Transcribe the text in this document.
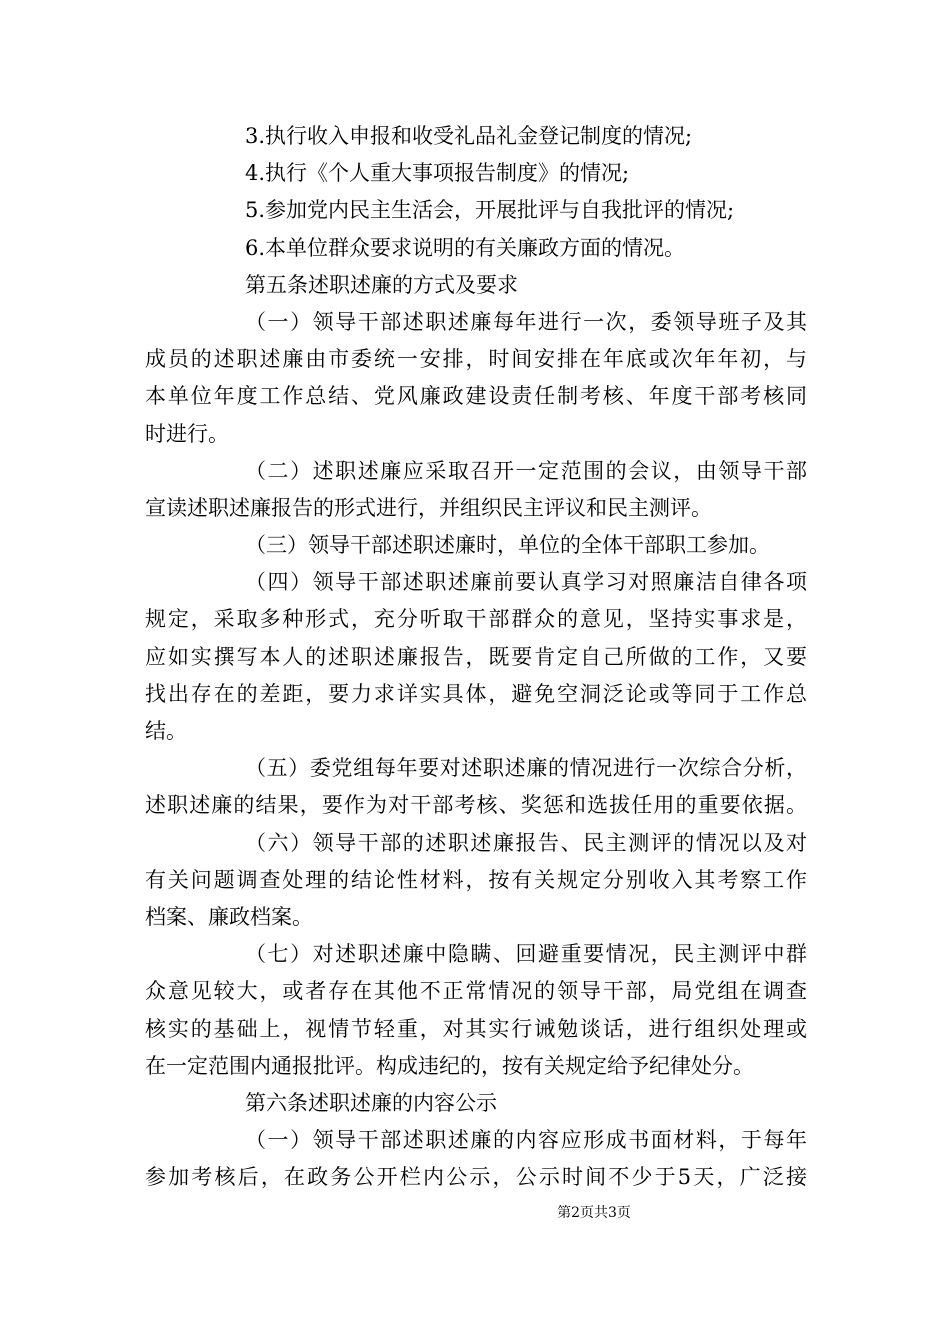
3.执行收入申报和收受礼品礼金登记制度的情况;
4.执行《个人重大事项报告制度》的情况;
5.参加党内民主生活会，开展批评与自我批评的情况;
6.本单位群众要求说明的有关廉政方面的情况。
第五条述职述廉的方式及要求
（一）领导干部述职述廉每年进行一次，委领导班子及其
成员的述职述廉由市委统一安排，时间安排在年底或次年年初，与
本单位年度工作总结、党风廉政建设责任制考核、年度干部考核同
时进行。
（二）述职述廉应采取召开一定范围的会议，由领导干部
宣读述职述廉报告的形式进行，并组织民主评议和民主测评。
（三）领导干部述职述廉时，单位的全体干部职工参加。
（四）领导干部述职述廉前要认真学习对照廉洁自律各项
规定，采取多种形式，充分听取干部群众的意见，坚持实事求是，
应如实撰写本人的述职述廉报告，既要肯定自己所做的工作，又要
找出存在的差距，要力求详实具体，避免空洞泛论或等同于工作总
结。
（五）委党组每年要对述职述廉的情况进行一次综合分析，
述职述廉的结果，要作为对干部考核、奖惩和选拔任用的重要依据。
（六）领导干部的述职述廉报告、民主测评的情况以及对
有关问题调查处理的结论性材料，按有关规定分别收入其考察工作
档案、廉政档案。
（七）对述职述廉中隐瞒、回避重要情况，民主测评中群
众意见较大，或者存在其他不正常情况的领导干部，局党组在调查
核实的基础上，视情节轻重，对其实行诫勉谈话，进行组织处理或
在一定范围内通报批评。构成违纪的，按有关规定给予纪律处分。
第六条述职述廉的内容公示
（一）领导干部述职述廉的内容应形成书面材料，于每年
参加考核后，在政务公开栏内公示，公示时间不少于5天，广泛接
第2页共3页
